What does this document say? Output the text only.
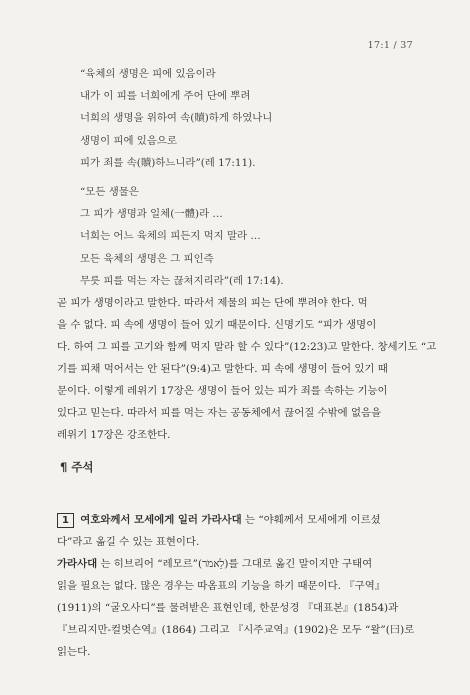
17:1 / 37
“육체의 생명은 피에 있음이라
내가 이 피를 너희에게 주어 단에 뿌려
너희의 생명을 위하여 속(贖)하게 하였나니
생명이 피에 있음으로
피가 죄를 속(贖)하느니라”(레 17:11).
“모든 생물은
그 피가 생명과 일체(一體)라 …
너희는 어느 육체의 피든지 먹지 말라 …
모든 육체의 생명은 그 피인즉
무릇 피를 먹는 자는 끊쳐지리라”(레 17:14).
곧 피가 생명이라고 말한다. 따라서 제물의 피는 단에 뿌려야 한다. 먹
을 수 없다. 피 속에 생명이 들어 있기 때문이다. 신명기도 “피가 생명이
다. 하여 그 피를 고기와 함께 먹지 말라 할 수 있다”(12:23)고 말한다. 창세기도 “고
기를 피채 먹어서는 안 된다”(9:4)고 말한다. 피 속에 생명이 들어 있기 때
문이다. 이렇게 레위기 17장은 생명이 들어 있는 피가 죄를 속하는 기능이
있다고 믿는다. 따라서 피를 먹는 자는 공동체에서 끊어질 수밖에 없음을
레위기 17장은 강조한다.
¶ 주석
1 여호와께서 모세에게 일러 가라사대 는 “야훼께서 모세에게 이르셨
다”라고 옮길 수 있는 표현이다.
가라사대 는 히브리어 “레모르”(לֵאמֹר)를 그대로 옮긴 말이지만 구태여
읽을 필요는 없다. 많은 경우는 따옴표의 기능을 하기 때문이다. 『구역』
(1911)의 “굴오사디”를 물려받은 표현인데, 한문성경 『대표본』(1854)과
『브리지만-컬벗슨역』(1864) 그리고 『시주교역』(1902)은 모두 “왈”(曰)로
읽는다.
